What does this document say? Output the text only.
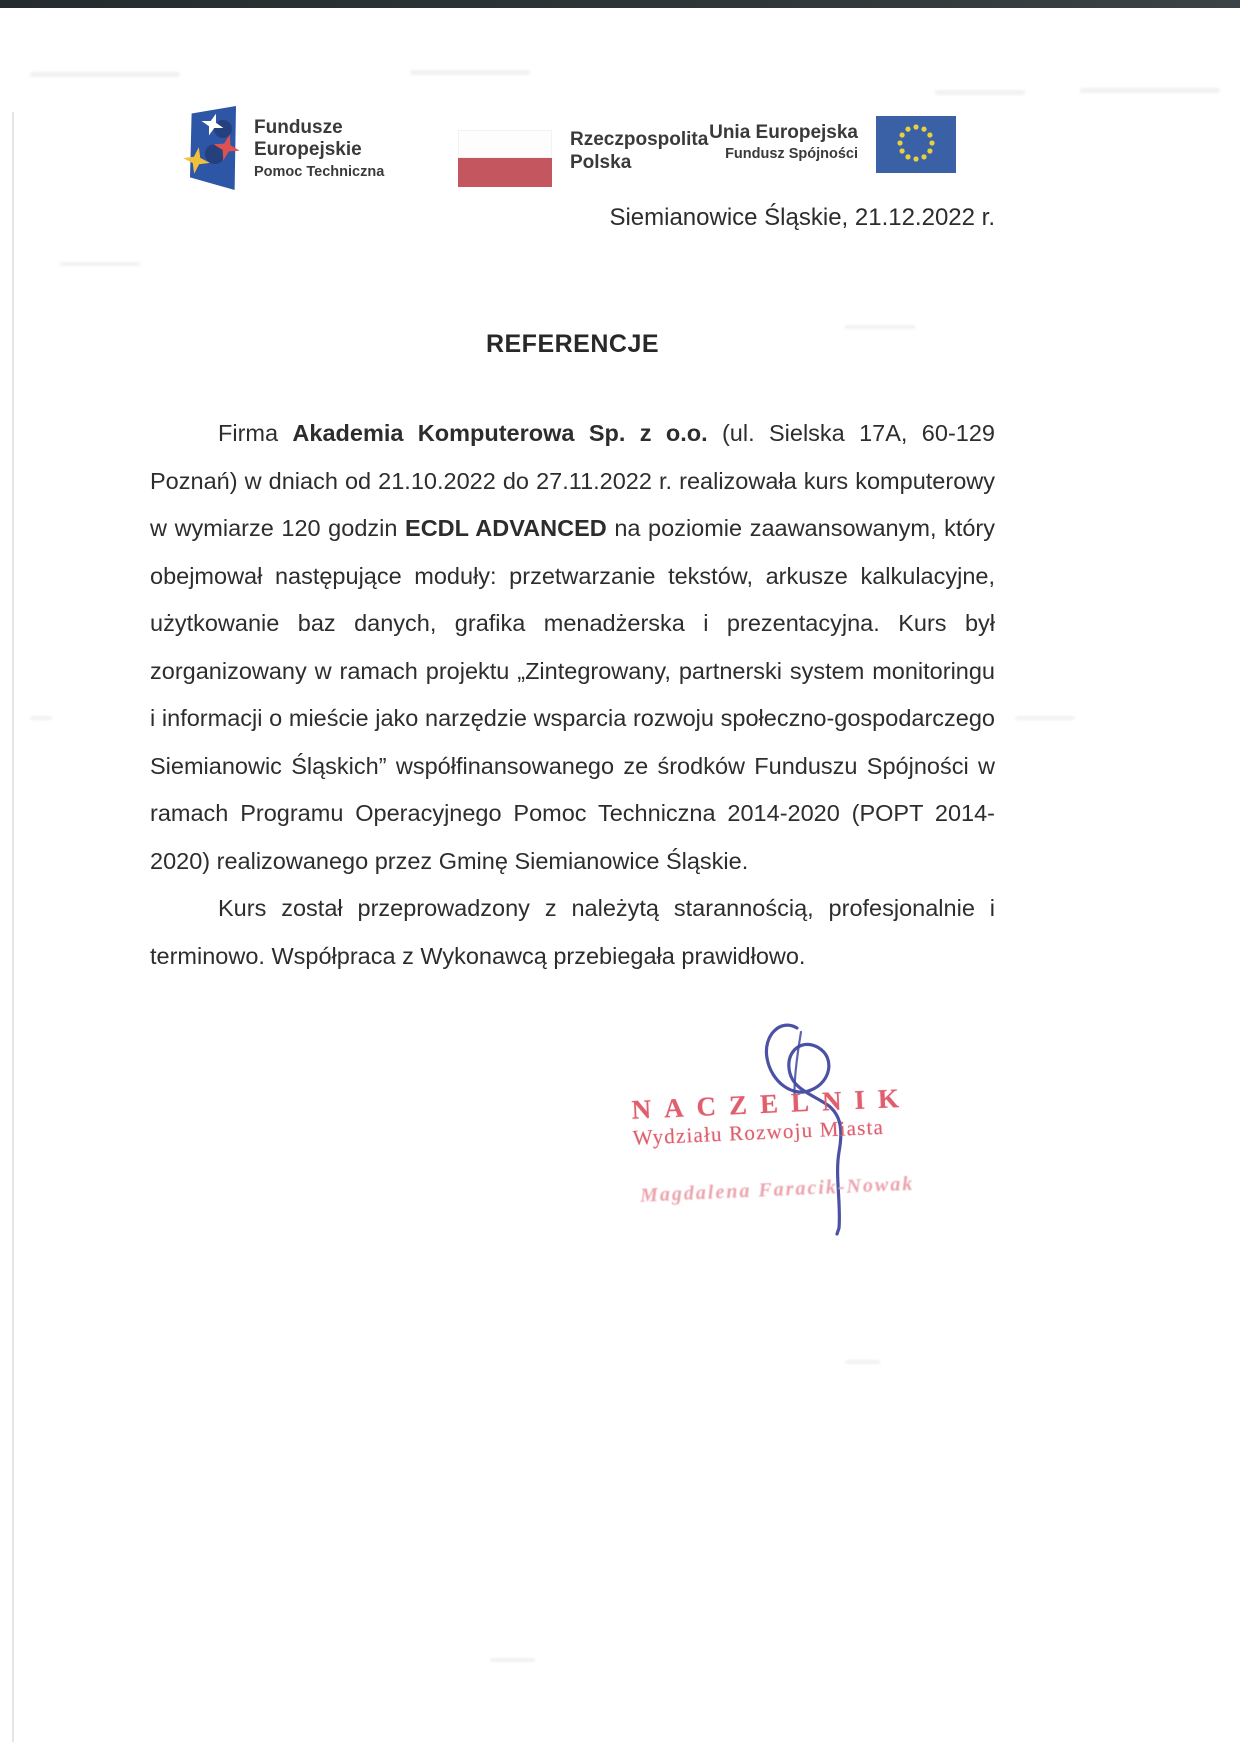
Fundusze
Europejskie
Pomoc Techniczna
Rzeczpospolita
Polska
Unia Europejska
Fundusz Spójności
Siemianowice Śląskie, 21.12.2022 r.
REFERENCJE

Firma Akademia Komputerowa Sp. z o.o. (ul. Sielska 17A, 60-129 Poznań) w dniach od 21.10.2022 do 27.11.2022 r. realizowała kurs komputerowy w wymiarze 120 godzin ECDL ADVANCED na poziomie zaawansowanym, który obejmował następujące moduły: przetwarzanie tekstów, arkusze kalkulacyjne, użytkowanie baz danych, grafika menadżerska i prezentacyjna. Kurs był zorganizowany w ramach projektu „Zintegrowany, partnerski system monitoringu i informacji o mieście jako narzędzie wsparcia rozwoju społeczno-gospodarczego Siemianowic Śląskich” współfinansowanego ze środków Funduszu Spójności w ramach Programu Operacyjnego Pomoc Techniczna 2014-2020 (POPT 2014-2020) realizowanego przez Gminę Siemianowice Śląskie.

Kurs został przeprowadzony z należytą starannością, profesjonalnie i terminowo. Współpraca z Wykonawcą przebiegała prawidłowo.

NACZELNIK
Wydziału Rozwoju Miasta
Magdalena Faracik-Nowak
